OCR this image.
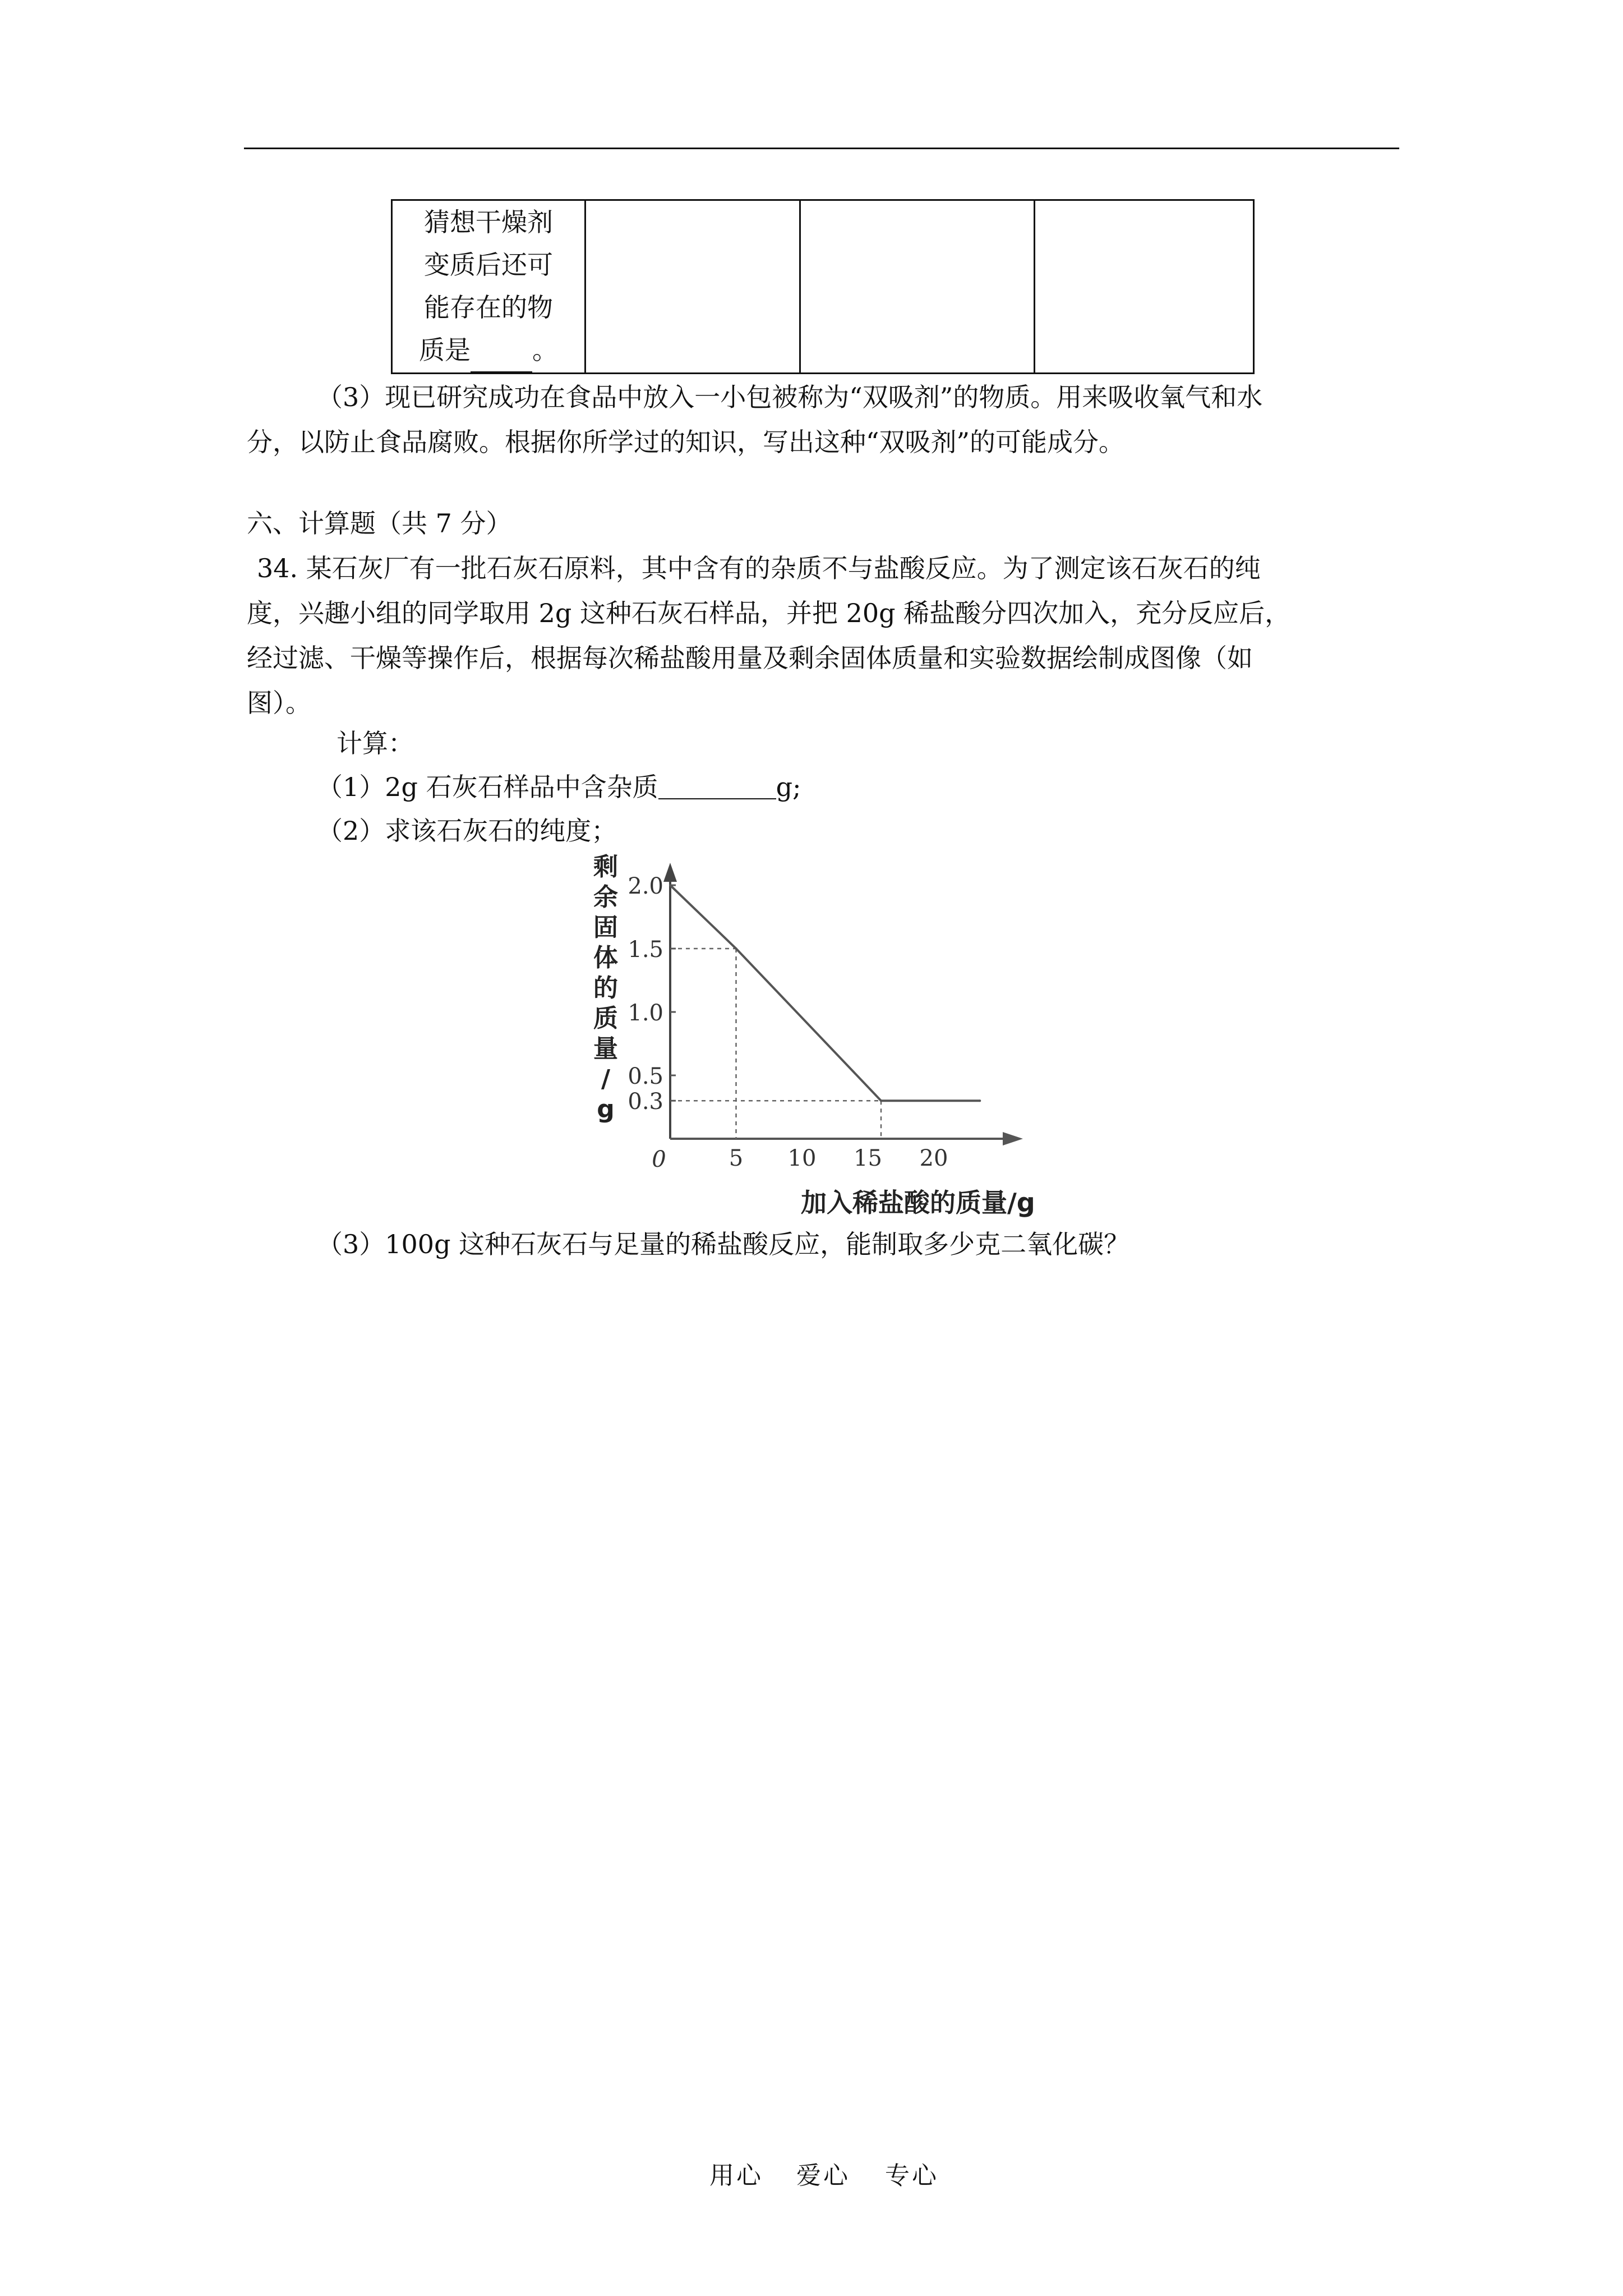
猜想干燥剂
变质后还可
能存在的物
质是 。

（3）现已研究成功在食品中放入一小包被称为“双吸剂”的物质。用来吸收氧气和水
分，以防止食品腐败。根据你所学过的知识，写出这种“双吸剂”的可能成分。
六、计算题（共 7 分）
34. 某石灰厂有一批石灰石原料，其中含有的杂质不与盐酸反应。为了测定该石灰石的纯
度，兴趣小组的同学取用 2g 这种石灰石样品，并把 20g 稀盐酸分四次加入，充分反应后，
经过滤、干燥等操作后，根据每次稀盐酸用量及剩余固体质量和实验数据绘制成图像（如
图）。
计算：
（1）2g 石灰石样品中含杂质	g;
（2）求该石灰石的纯度；
剩
余
固
体
的
质
量
/
g
2.0
1.5
1.0
0.5
0.3
5 10 15 20
0
加入稀盐酸的质量/g
（3）100g 这种石灰石与足量的稀盐酸反应，能制取多少克二氧化碳？
用心 爱心 专心
